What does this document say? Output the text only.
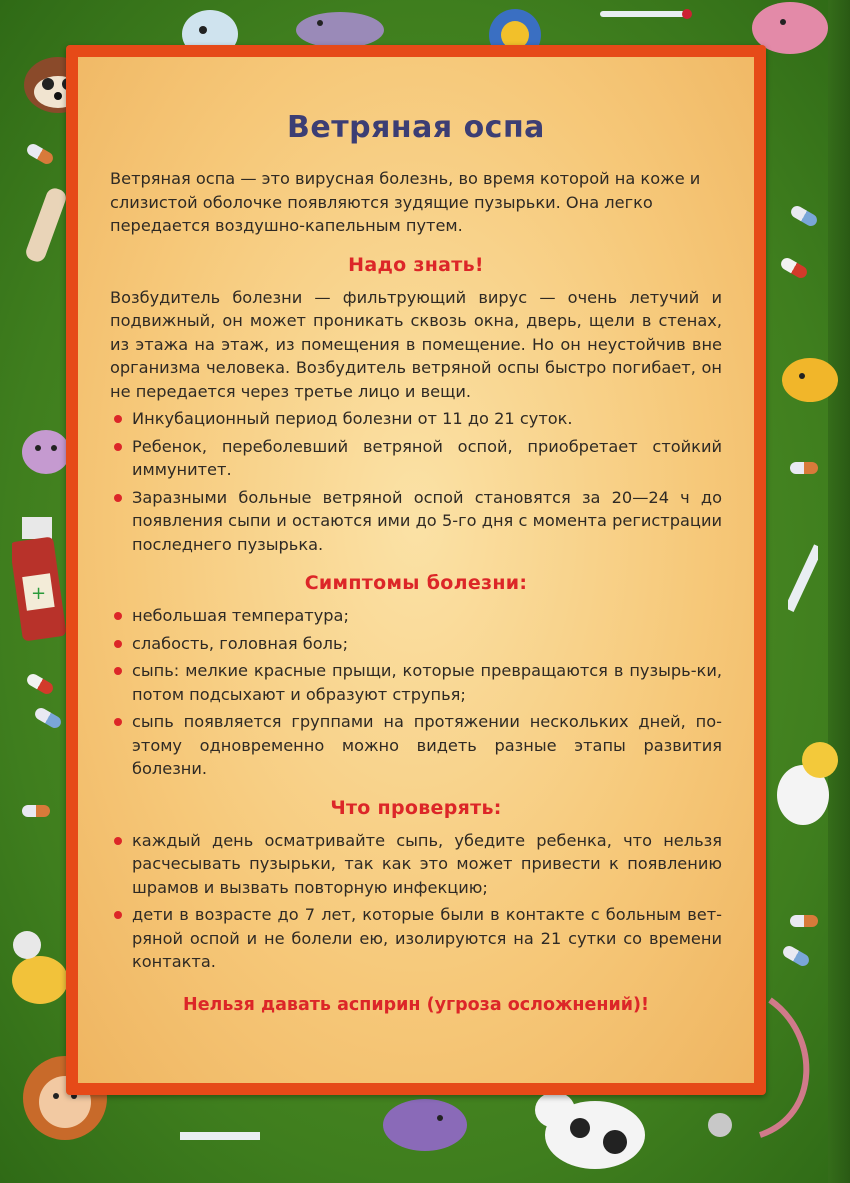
+
Ветряная оспа

Ветряная оспа — это вирусная болезнь, во время которой на коже и слизистой оболочке появляются зудящие пузырьки. Она легко передается воздушно-капельным путем.

Надо знать!

Возбудитель болезни — фильтрующий вирус — очень летучий и подвижный, он может проникать сквозь окна, дверь, щели в стенах, из этажа на этаж, из помещения в помещение. Но он неустойчив вне организма человека. Возбудитель ветряной оспы быстро погибает, он не передается через третье лицо и вещи.

Инкубационный период болезни от 11 до 21 суток.
Ребенок, переболевший ветряной оспой, приобретает стойкий иммунитет.
Заразными больные ветряной оспой становятся за 20—24 ч до появления сыпи и остаются ими до 5-го дня с момента регистрации последнего пузырька.
Симптомы болезни:
небольшая температура;
слабость, головная боль;
сыпь: мелкие красные прыщи, которые превращаются в пузырь-ки, потом подсыхают и образуют струпья;
сыпь появляется группами на протяжении нескольких дней, по-этому одновременно можно видеть разные этапы развития болезни.
Что проверять:
каждый день осматривайте сыпь, убедите ребенка, что нельзя расчесывать пузырьки, так как это может привести к появлению шрамов и вызвать повторную инфекцию;
дети в возрасте до 7 лет, которые были в контакте с больным вет-ряной оспой и не болели ею, изолируются на 21 сутки со времени контакта.

Нельзя давать аспирин (угроза осложнений)!
